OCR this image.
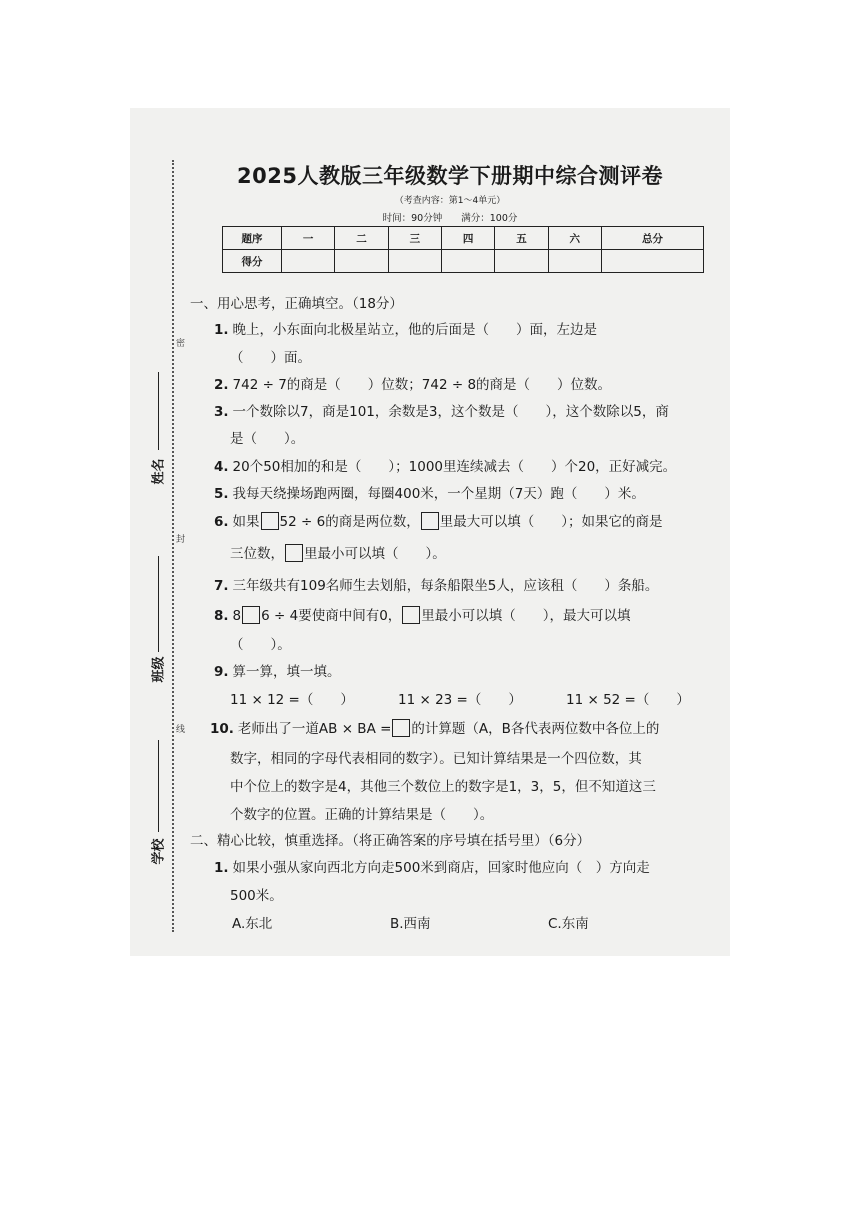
密
封
线
姓名
班级
学校
2025人教版三年级数学下册期中综合测评卷
（考查内容：第1～4单元）
时间：90分钟 满分：100分
题序	一	二	三	四	五	六	总分
得分							
一、用心思考，正确填空。（18分）
1. 晚上，小东面向北极星站立，他的后面是（　　）面，左边是
（　　）面。
2. 742 ÷ 7的商是（　　）位数；742 ÷ 8的商是（　　）位数。
3. 一个数除以7，商是101，余数是3，这个数是（　　），这个数除以5，商
是（　　）。
4. 20个50相加的和是（　　）；1000里连续减去（　　）个20，正好减完。
5. 我每天绕操场跑两圈，每圈400米，一个星期（7天）跑（　　）米。
6. 如果 52 ÷ 6的商是两位数， 里最大可以填（　　）；如果它的商是
三位数， 里最小可以填（　　）。
7. 三年级共有109名师生去划船，每条船限坐5人，应该租（　　）条船。
8. 8 6 ÷ 4要使商中间有0， 里最小可以填（　　），最大可以填
（　　）。
9. 算一算，填一填。
11 × 12 =（　　）	11 × 23 =（　　）	11 × 52 =（　　）
10. 老师出了一道AB × BA = 的计算题（A，B各代表两位数中各位上的
数字，相同的字母代表相同的数字）。已知计算结果是一个四位数，其
中个位上的数字是4，其他三个数位上的数字是1，3，5，但不知道这三
个数字的位置。正确的计算结果是（　　）。
二、精心比较，慎重选择。（将正确答案的序号填在括号里）（6分）
1. 如果小强从家向西北方向走500米到商店，回家时他应向（　）方向走
500米。
A.东北	B.西南	C.东南
